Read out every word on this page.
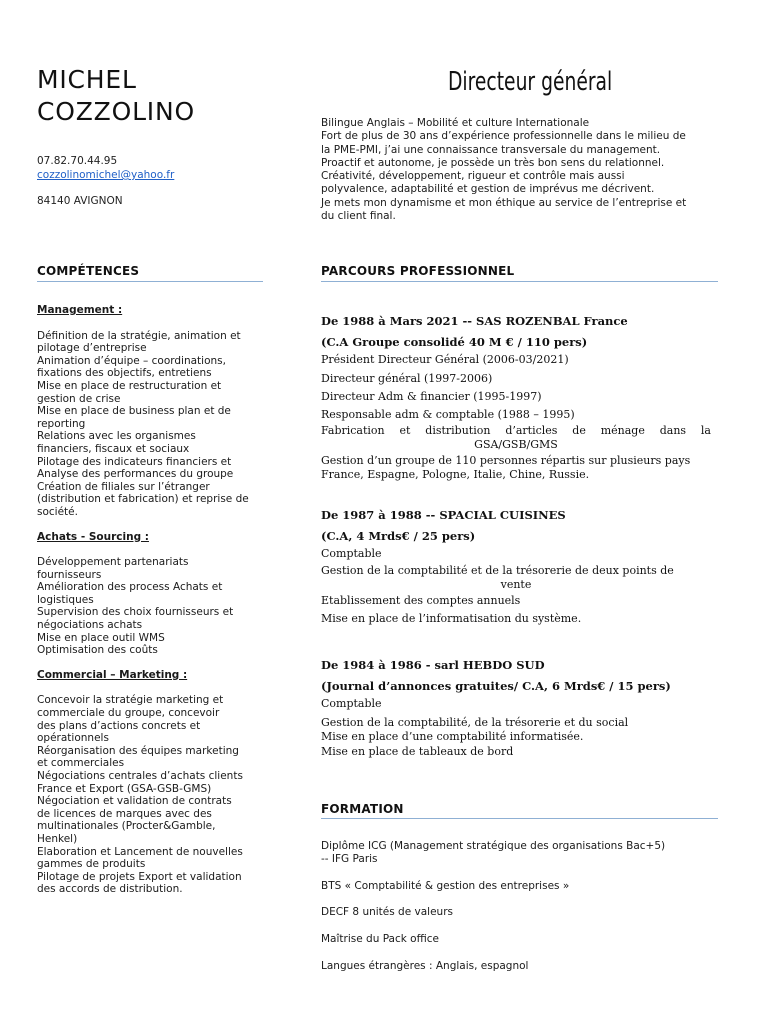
MICHEL
COZZOLINO
07.82.70.44.95
cozzolinomichel@yahoo.fr
84140 AVIGNON
Directeur général
Bilingue Anglais – Mobilité et culture Internationale
Fort de plus de 30 ans d’expérience professionnelle dans le milieu de
la PME-PMI, j’ai une connaissance transversale du management.
Proactif et autonome, je possède un très bon sens du relationnel.
Créativité, développement, rigueur et contrôle mais aussi
polyvalence, adaptabilité et gestion de imprévus me décrivent.
Je mets mon dynamisme et mon éthique au service de l’entreprise et
du client final.
COMPÉTENCES
Management :
Définition de la stratégie, animation et
pilotage d’entreprise
Animation d’équipe – coordinations,
fixations des objectifs, entretiens
Mise en place de restructuration et
gestion de crise
Mise en place de business plan et de
reporting
Relations avec les organismes
financiers, fiscaux et sociaux
Pilotage des indicateurs financiers et
Analyse des performances du groupe
Création de filiales sur l’étranger
(distribution et fabrication) et reprise de
société.
Achats - Sourcing :
Développement partenariats
fournisseurs
Amélioration des process Achats et
logistiques
Supervision des choix fournisseurs et
négociations achats
Mise en place outil WMS
Optimisation des coûts
Commercial – Marketing :
Concevoir la stratégie marketing et
commerciale du groupe, concevoir
des plans d’actions concrets et
opérationnels
Réorganisation des équipes marketing
et commerciales
Négociations centrales d’achats clients
France et Export (GSA-GSB-GMS)
Négociation et validation de contrats
de licences de marques avec des
multinationales (Procter&Gamble,
Henkel)
Elaboration et Lancement de nouvelles
gammes de produits
Pilotage de projets Export et validation
des accords de distribution.
PARCOURS PROFESSIONNEL
De 1988 à Mars 2021 -- SAS ROZENBAL France
(C.A Groupe consolidé 40 M € / 110 pers)
Président Directeur Général (2006-03/2021)
Directeur général (1997-2006)
Directeur Adm & financier (1995-1997)
Responsable adm & comptable (1988 – 1995)
Fabrication et distribution d’articles de ménage dans la
GSA/GSB/GMS
Gestion d’un groupe de 110 personnes répartis sur plusieurs pays
France, Espagne, Pologne, Italie, Chine, Russie.
De 1987 à 1988 -- SPACIAL CUISINES
(C.A, 4 Mrds€ / 25 pers)
Comptable
Gestion de la comptabilité et de la trésorerie de deux points de
vente
Etablissement des comptes annuels
Mise en place de l’informatisation du système.
De 1984 à 1986 - sarl HEBDO SUD
(Journal d’annonces gratuites/ C.A, 6 Mrds€ / 15 pers)
Comptable
Gestion de la comptabilité, de la trésorerie et du social
Mise en place d’une comptabilité informatisée.
Mise en place de tableaux de bord
FORMATION
Diplôme ICG (Management stratégique des organisations Bac+5)
-- IFG Paris
BTS « Comptabilité & gestion des entreprises »
DECF 8 unités de valeurs
Maîtrise du Pack office
Langues étrangères : Anglais, espagnol
